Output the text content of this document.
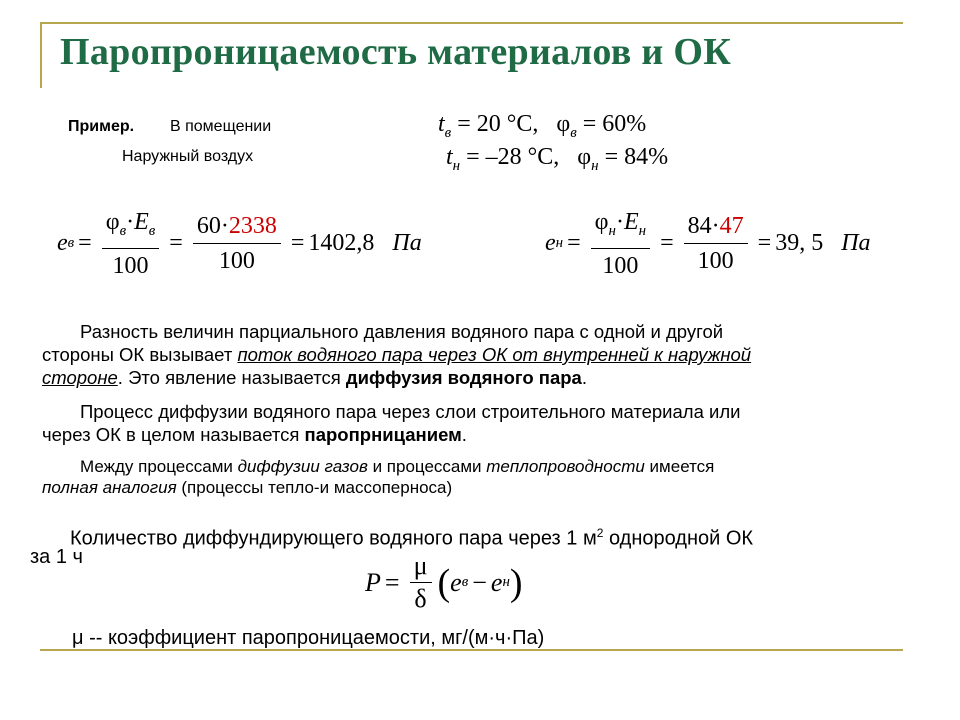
Паропроницаемость материалов и ОК
Пример. В помещении
Наружный воздух
$t_в = 20$ °C, $\varphi_в = 60\%$
$t_н = -28$ °C, $\varphi_н = 84\%$
e $в = \frac{\varphi_в\cdot E_в}{100} = \frac{60\cdot 2338}{100} = 1402,8$
Па	e $н = \frac{\varphi_н\cdot E_н}{100} = \frac{84\cdot 47}{100} = 39$, 5
Па
Разность величин парциального давления водяного пара с одной и другой
стороны ОК вызывает поток водяного пара через ОК от внутренней к наружной
стороне. Это явление называется диффузия водяного пара.
Процесс диффузии водяного пара через слои строительного материала или
через ОК в целом называется паропрницанием.
Между процессами диффузии газов и процессами теплопроводности имеется
полная аналогия (процессы тепло-и массоперноса)
Количество диффундирующего водяного пара через 1 $м^2$ однородной ОК
за 1 ч
$P = \frac{\mu}{\delta}$ ( e в − e н )
μ -- коэффициент паропроницаемости, мг/(м·ч·Па)
